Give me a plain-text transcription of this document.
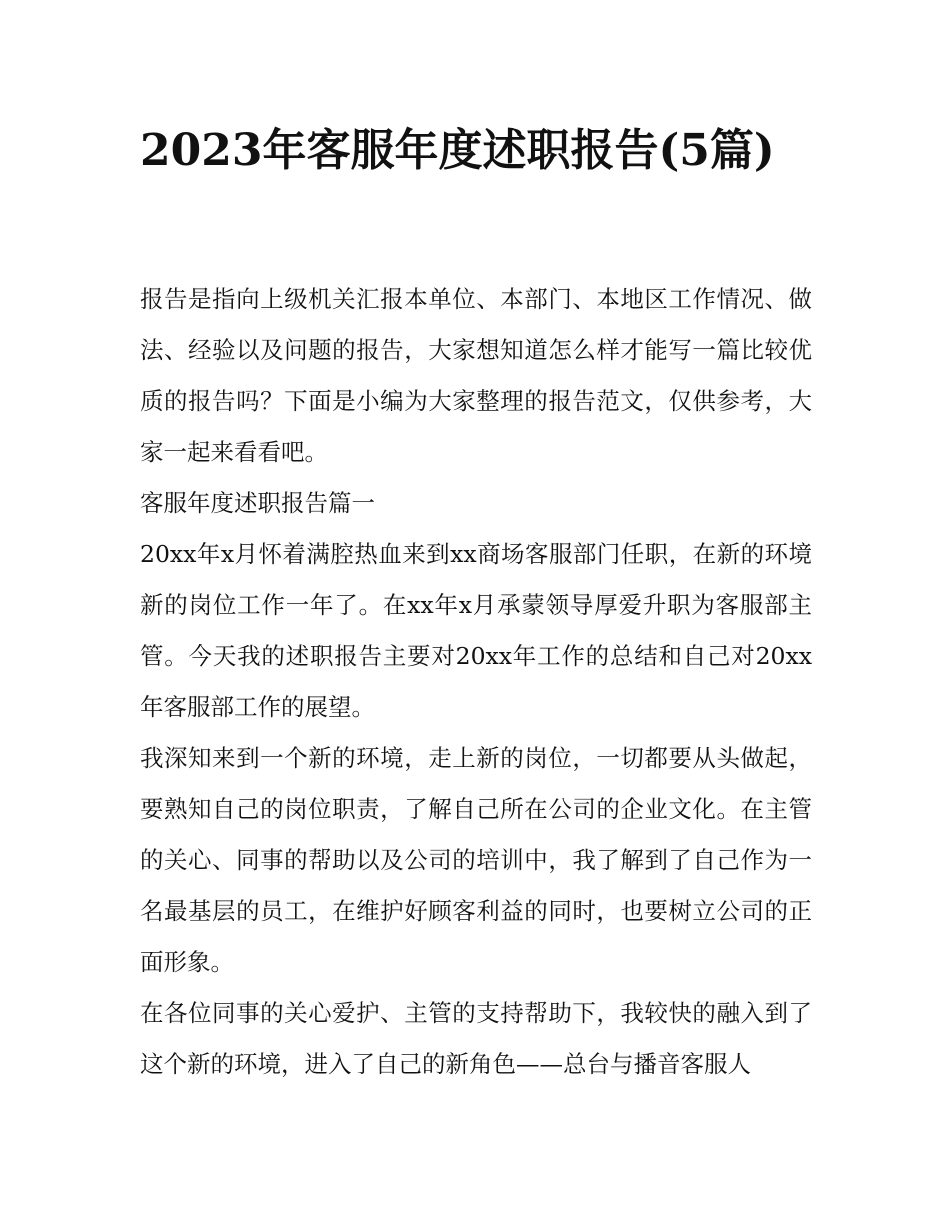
2023年客服年度述职报告(5篇)

报告是指向上级机关汇报本单位、本部门、本地区工作情况、做法、经验以及问题的报告，大家想知道怎么样才能写一篇比较优质的报告吗？下面是小编为大家整理的报告范文，仅供参考，大家一起来看看吧。

客服年度述职报告篇一

20xx年x月怀着满腔热血来到xx商场客服部门任职，在新的环境新的岗位工作一年了。在xx年x月承蒙领导厚爱升职为客服部主管。今天我的述职报告主要对20xx年工作的总结和自己对20xx年客服部工作的展望。

我深知来到一个新的环境，走上新的岗位，一切都要从头做起，要熟知自己的岗位职责，了解自己所在公司的企业文化。在主管的关心、同事的帮助以及公司的培训中，我了解到了自己作为一名最基层的员工，在维护好顾客利益的同时，也要树立公司的正面形象。

在各位同事的关心爱护、主管的支持帮助下，我较快的融入到了这个新的环境，进入了自己的新角色——总台与播音客服人
